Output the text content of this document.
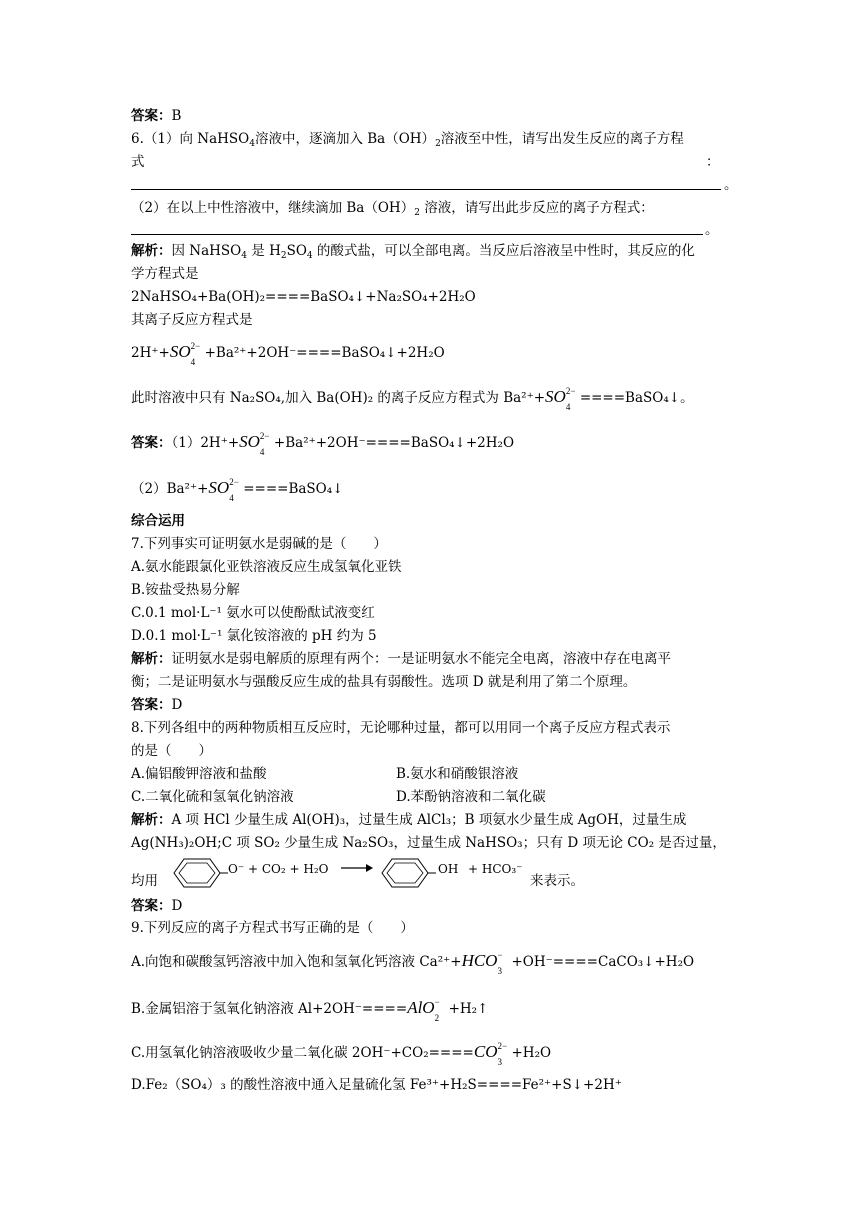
答案：B
6.（1）向 NaHSO$_4$溶液中，逐滴加入 $Ba(OH)_2$溶液至中性，请写出发生反应的离子方程
式	：
。
（2）在以上中性溶液中，继续滴加 $Ba(OH)_2$ 溶液，请写出此步反应的离子方程式：
。
解析：因 NaHSO$_4$ 是 $H_2SO_4$ 的酸式盐，可以全部电离。当反应后溶液呈中性时，其反应的化
学方程式是
2NaHSO₄+Ba(OH)₂====BaSO₄↓+Na₂SO₄+2H₂O
其离子反应方程式是
2H⁺+SO 2−
4
+Ba²⁺+2OH⁻====BaSO₄↓+2H₂O
此时溶液中只有 Na₂SO₄,加入 Ba(OH)₂ 的离子反应方程式为 Ba²⁺+SO 2−
4
====BaSO₄↓。
答案：（1）2H⁺+SO 2−
4
+Ba²⁺+2OH⁻====BaSO₄↓+2H₂O
（2）Ba²⁺+SO 2−
4
====BaSO₄↓
综合运用
7.下列事实可证明氨水是弱碱的是（　　）
A.氨水能跟氯化亚铁溶液反应生成氢氧化亚铁
B.铵盐受热易分解
C.0.1 mol·L⁻¹ 氨水可以使酚酞试液变红
D.0.1 mol·L⁻¹ 氯化铵溶液的 pH 约为 5
解析：证明氨水是弱电解质的原理有两个：一是证明氨水不能完全电离，溶液中存在电离平
衡；二是证明氨水与强酸反应生成的盐具有弱酸性。选项 D 就是利用了第二个原理。
答案：D
8.下列各组中的两种物质相互反应时，无论哪种过量，都可以用同一个离子反应方程式表示
的是（　　）
A.偏铝酸钾溶液和盐酸	B.氨水和硝酸银溶液
C.二氧化硫和氢氧化钠溶液	D.苯酚钠溶液和二氧化碳
解析：A 项 HCl 少量生成 Al(OH)₃，过量生成 AlCl₃；B 项氨水少量生成 AgOH，过量生成
Ag(NH₃)₂OH;C 项 SO₂ 少量生成 Na₂SO₃，过量生成 NaHSO₃；只有 D 项无论 CO₂ 是否过量，
均用
O⁻ + CO₂ + H₂O →	OH + HCO₃⁻
来表示。
答案：D
9.下列反应的离子方程式书写正确的是（　　）
A.向饱和碳酸氢钙溶液中加入饱和氢氧化钙溶液 Ca²⁺+HCO −
3
+OH⁻====CaCO₃↓+H₂O
B.金属铝溶于氢氧化钠溶液 Al+2OH⁻====AlO −
2
+H₂↑
C.用氢氧化钠溶液吸收少量二氧化碳 2OH⁻+CO₂====CO 2−
3
+H₂O
D.Fe₂（SO₄）₃ 的酸性溶液中通入足量硫化氢 Fe³⁺+H₂S====Fe²⁺+S↓+2H⁺
